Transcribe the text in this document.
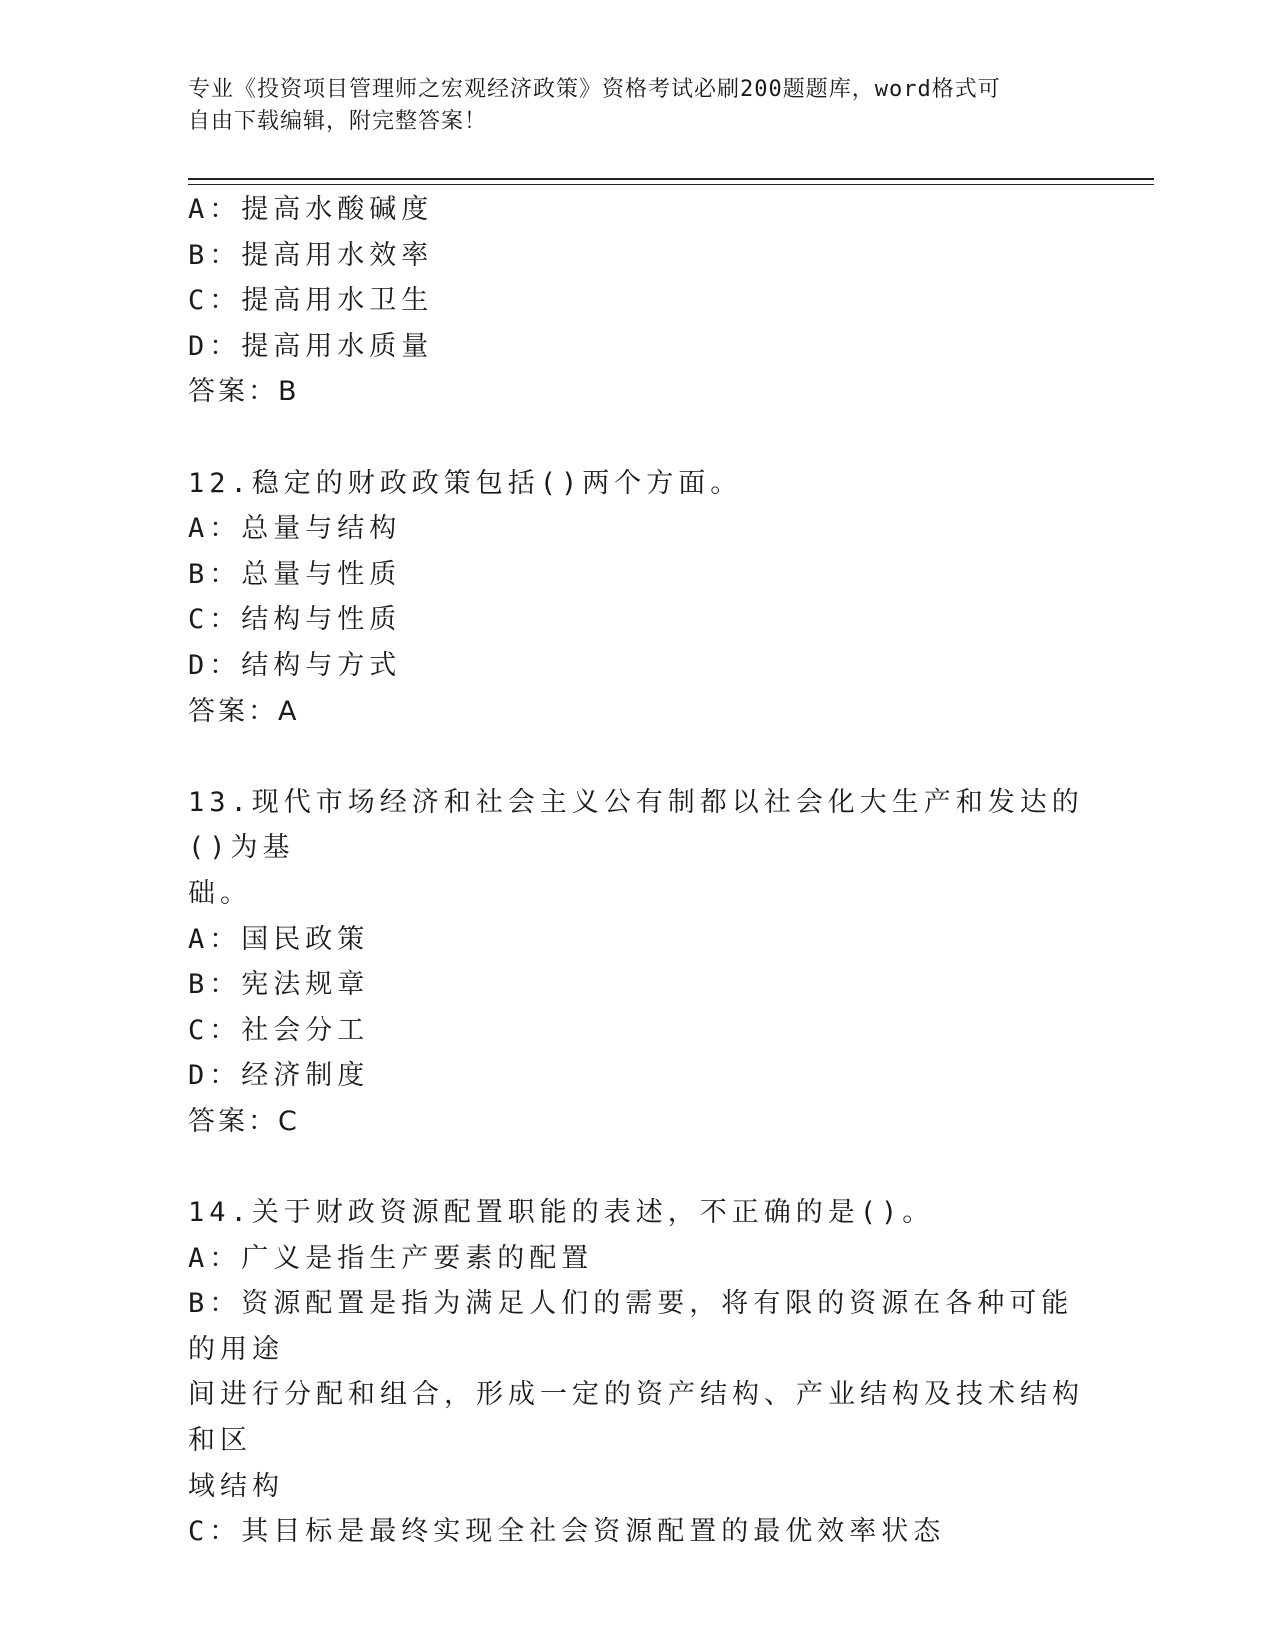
专业《投资项目管理师之宏观经济政策》资格考试必刷200题题库，word格式可
自由下载编辑，附完整答案！
A：提高水酸碱度
B：提高用水效率
C：提高用水卫生
D：提高用水质量
答案：B
12.稳定的财政政策包括()两个方面。
A：总量与结构
B：总量与性质
C：结构与性质
D：结构与方式
答案：A
13.现代市场经济和社会主义公有制都以社会化大生产和发达的()为基
础。
A：国民政策
B：宪法规章
C：社会分工
D：经济制度
答案：C
14.关于财政资源配置职能的表述，不正确的是()。
A：广义是指生产要素的配置
B：资源配置是指为满足人们的需要，将有限的资源在各种可能的用途
间进行分配和组合，形成一定的资产结构、产业结构及技术结构和区
域结构
C：其目标是最终实现全社会资源配置的最优效率状态
